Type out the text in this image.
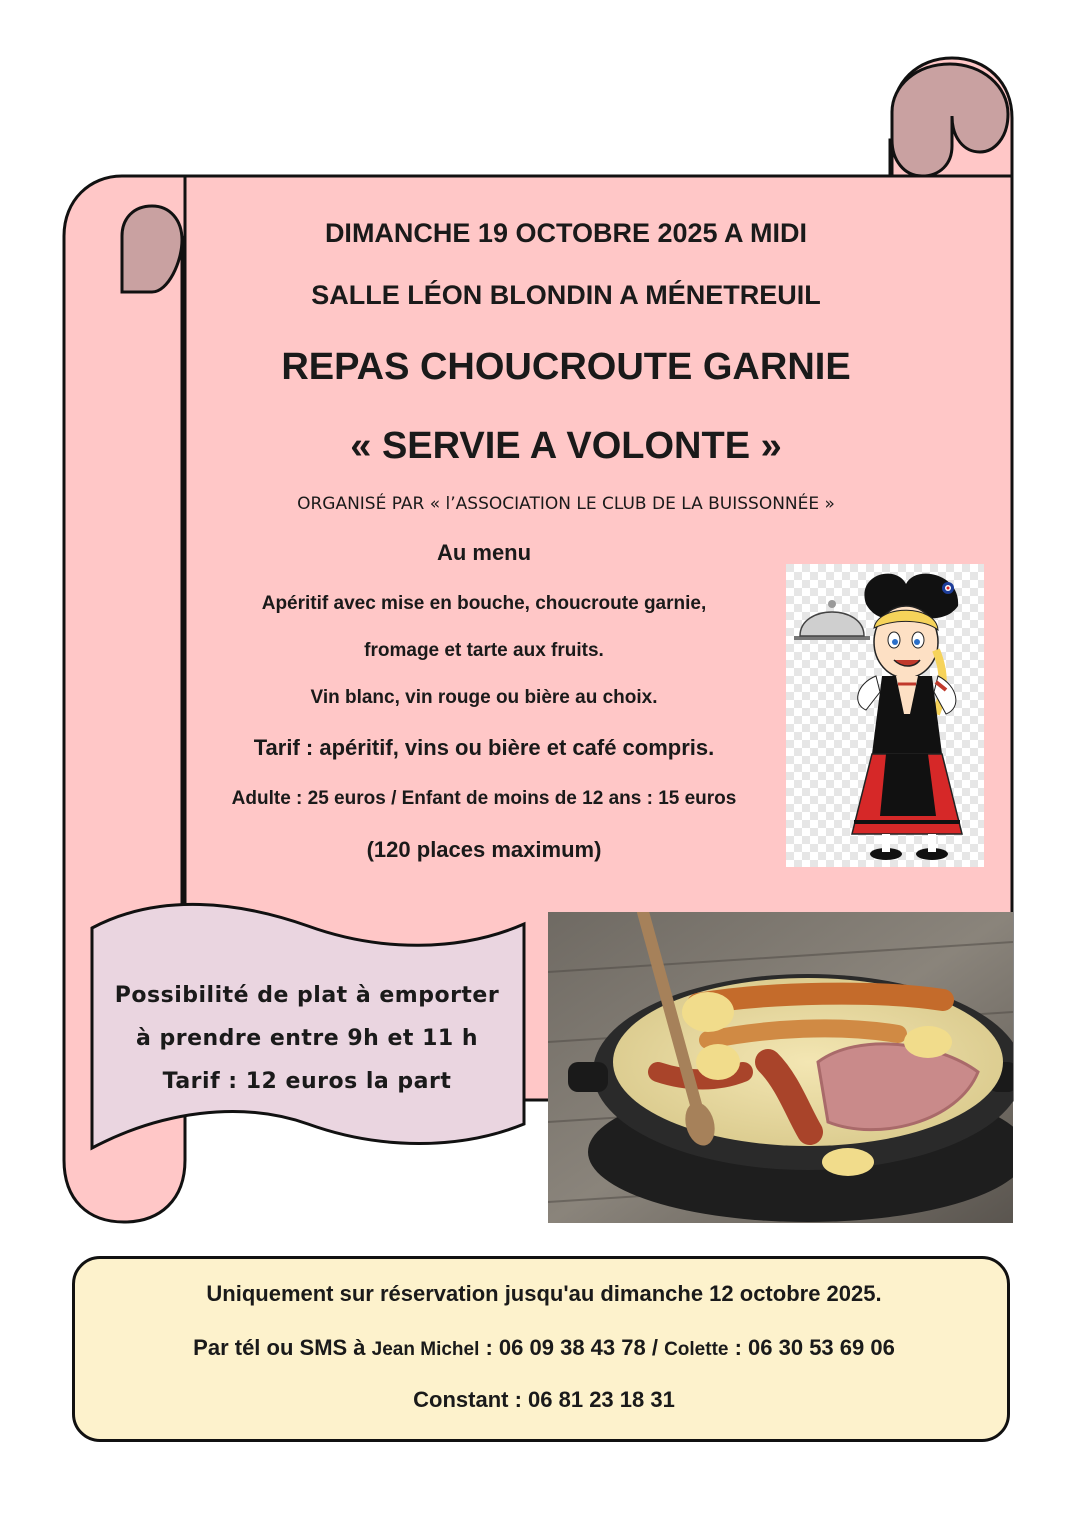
DIMANCHE 19 OCTOBRE 2025 A MIDI
SALLE LÉON BLONDIN A MÉNETREUIL
REPAS CHOUCROUTE GARNIE
« SERVIE A VOLONTE »
ORGANISÉ PAR « l’ASSOCIATION LE CLUB DE LA BUISSONNÉE »
Au menu
Apéritif avec mise en bouche, choucroute garnie,
fromage et tarte aux fruits.
Vin blanc, vin rouge ou bière au choix.
Tarif : apéritif, vins ou bière et café compris.
Adulte : 25 euros / Enfant de moins de 12 ans : 15 euros
(120 places maximum)
Possibilité de plat à emporter
à prendre entre 9h et 11 h
Tarif : 12 euros la part
Uniquement sur réservation jusqu'au dimanche 12 octobre 2025.
Par tél ou SMS à Jean Michel : 06 09 38 43 78 / Colette : 06 30 53 69 06
Constant : 06 81 23 18 31
